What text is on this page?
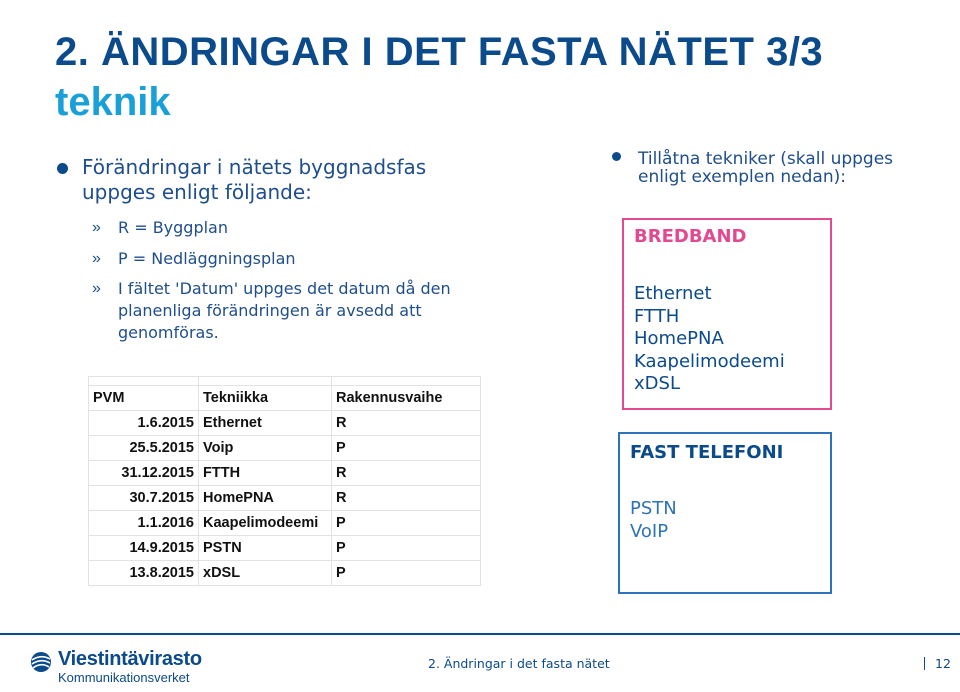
2. ÄNDRINGAR I DET FASTA NÄTET 3/3
teknik
Förändringar i nätets byggnadsfas uppges enligt följande:
» R = Byggplan
» P = Nedläggningsplan
» I fältet 'Datum' uppges det datum då den planenliga förändringen är avsedd att genomföras.

PVM	Tekniikka	Rakennusvaihe
1.6.2015	Ethernet	R
25.5.2015	Voip	P
31.12.2015	FTTH	R
30.7.2015	HomePNA	R
1.1.2016	Kaapelimodeemi	P
14.9.2015	PSTN	P
13.8.2015	xDSL	P
Tillåtna tekniker (skall uppges enligt exemplen nedan):
BREDBAND
Ethernet
FTTH
HomePNA
Kaapelimodeemi
xDSL
FAST TELEFONI
PSTN
VoIP
Viestintävirasto
Kommunikationsverket
2. Ändringar i det fasta nätet	12
